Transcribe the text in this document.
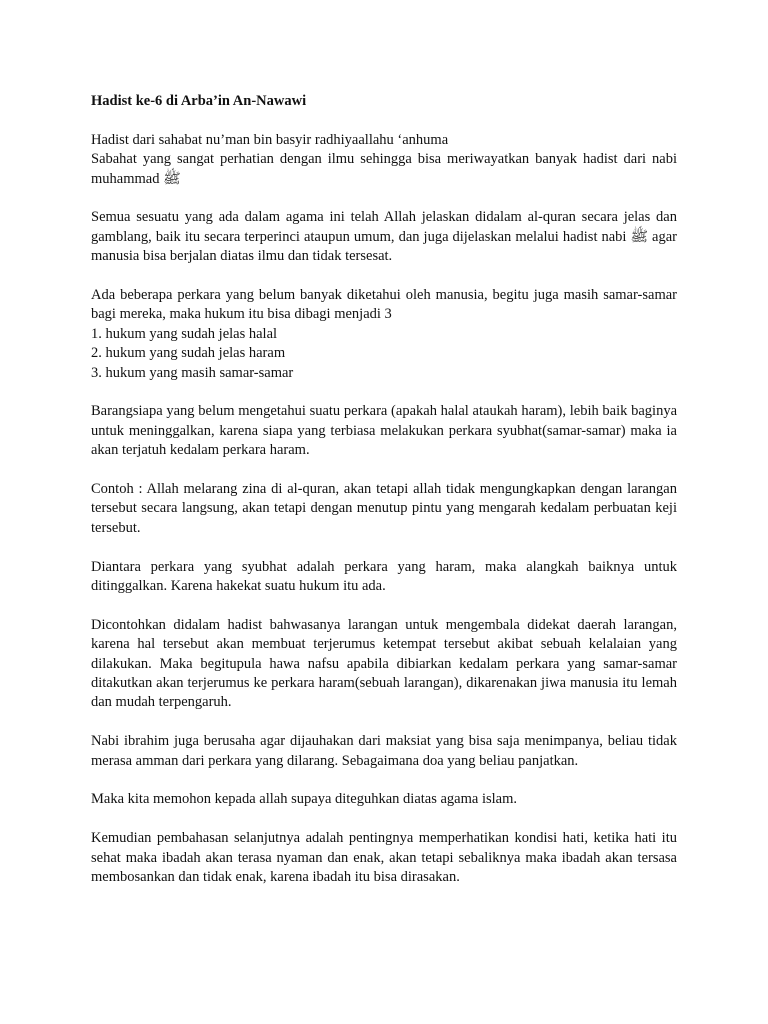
Hadist ke-6 di Arba’in An-Nawawi

Hadist dari sahabat nu’man bin basyir radhiyaallahu ‘anhuma
Sabahat yang sangat perhatian dengan ilmu sehingga bisa meriwayatkan banyak hadist dari nabi muhammad ﷺ

Semua sesuatu yang ada dalam agama ini telah Allah jelaskan didalam al-quran secara jelas dan gamblang, baik itu secara terperinci ataupun umum, dan juga dijelaskan melalui hadist nabi ﷺ agar manusia bisa berjalan diatas ilmu dan tidak tersesat.

Ada beberapa perkara yang belum banyak diketahui oleh manusia, begitu juga masih samar-samar bagi mereka, maka hukum itu bisa dibagi menjadi 3
1. hukum yang sudah jelas halal
2. hukum yang sudah jelas haram
3. hukum yang masih samar-samar

Barangsiapa yang belum mengetahui suatu perkara (apakah halal ataukah haram), lebih baik baginya untuk meninggalkan, karena siapa yang terbiasa melakukan perkara syubhat(samar-samar) maka ia akan terjatuh kedalam perkara haram.

Contoh : Allah melarang zina di al-quran, akan tetapi allah tidak mengungkapkan dengan larangan tersebut secara langsung, akan tetapi dengan menutup pintu yang mengarah kedalam perbuatan keji tersebut.

Diantara perkara yang syubhat adalah perkara yang haram, maka alangkah baiknya untuk ditinggalkan. Karena hakekat suatu hukum itu ada.

Dicontohkan didalam hadist bahwasanya larangan untuk mengembala didekat daerah larangan, karena hal tersebut akan membuat terjerumus ketempat tersebut akibat sebuah kelalaian yang dilakukan. Maka begitupula hawa nafsu apabila dibiarkan kedalam perkara yang samar-samar ditakutkan akan terjerumus ke perkara haram(sebuah larangan), dikarenakan jiwa manusia itu lemah dan mudah terpengaruh.

Nabi ibrahim juga berusaha agar dijauhakan dari maksiat yang bisa saja menimpanya, beliau tidak merasa amman dari perkara yang dilarang. Sebagaimana doa yang beliau panjatkan.

Maka kita memohon kepada allah supaya diteguhkan diatas agama islam.

Kemudian pembahasan selanjutnya adalah pentingnya memperhatikan kondisi hati, ketika hati itu sehat maka ibadah akan terasa nyaman dan enak, akan tetapi sebaliknya maka ibadah akan tersasa membosankan dan tidak enak, karena ibadah itu bisa dirasakan.
